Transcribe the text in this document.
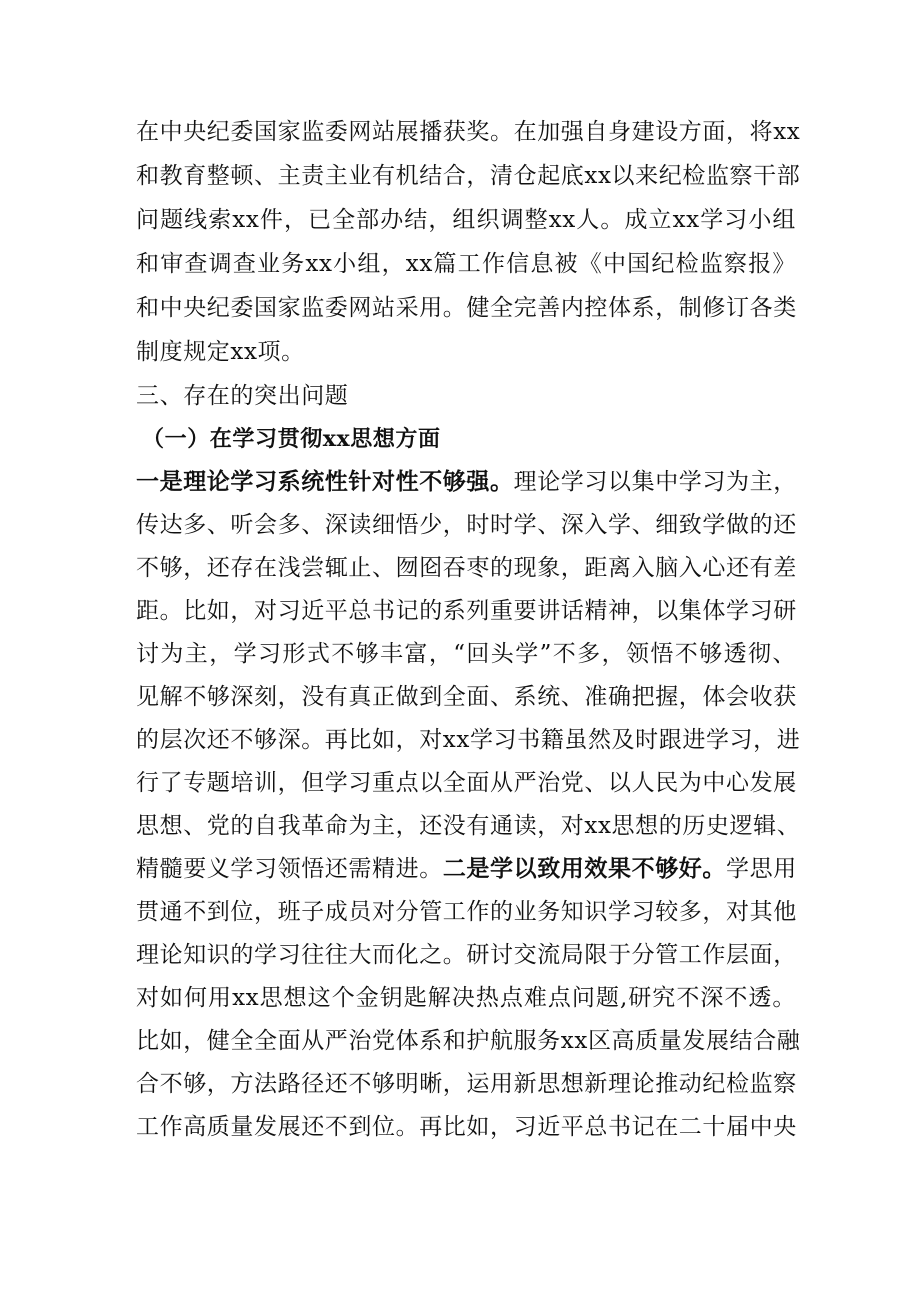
在中央纪委国家监委网站展播获奖。在加强自身建设方面，将xx
和教育整顿、主责主业有机结合，清仓起底xx以来纪检监察干部
问题线索xx件，已全部办结，组织调整xx人。成立xx学习小组
和审查调查业务xx小组，xx篇工作信息被《中国纪检监察报》
和中央纪委国家监委网站采用。健全完善内控体系，制修订各类
制度规定xx项。
三、存在的突出问题
（一）在学习贯彻xx思想方面
一是理论学习系统性针对性不够强。理论学习以集中学习为主，
传达多、听会多、深读细悟少，时时学、深入学、细致学做的还
不够，还存在浅尝辄止、囫囵吞枣的现象，距离入脑入心还有差
距。比如，对习近平总书记的系列重要讲话精神，以集体学习研
讨为主，学习形式不够丰富，“回头学”不多，领悟不够透彻、
见解不够深刻，没有真正做到全面、系统、准确把握，体会收获
的层次还不够深。再比如，对xx学习书籍虽然及时跟进学习，进
行了专题培训，但学习重点以全面从严治党、以人民为中心发展
思想、党的自我革命为主，还没有通读，对xx思想的历史逻辑、
精髓要义学习领悟还需精进。二是学以致用效果不够好。学思用
贯通不到位，班子成员对分管工作的业务知识学习较多，对其他
理论知识的学习往往大而化之。研讨交流局限于分管工作层面，
对如何用xx思想这个金钥匙解决热点难点问题,研究不深不透。
比如，健全全面从严治党体系和护航服务xx区高质量发展结合融
合不够，方法路径还不够明晰，运用新思想新理论推动纪检监察
工作高质量发展还不到位。再比如，习近平总书记在二十届中央
